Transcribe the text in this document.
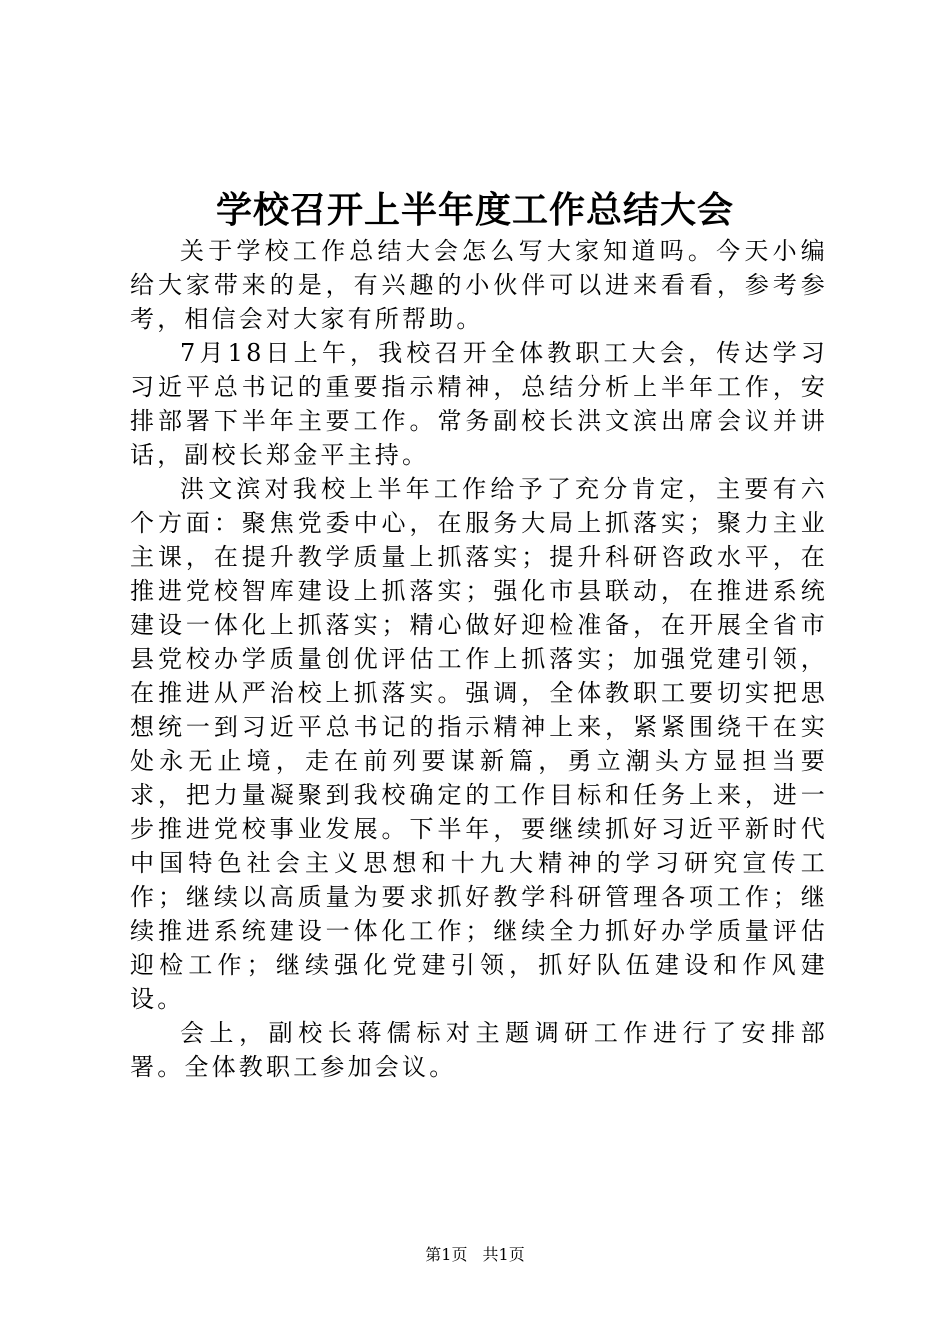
学校召开上半年度工作总结大会

关于学校工作总结大会怎么写大家知道吗。今天小编给大家带来的是，有兴趣的小伙伴可以进来看看，参考参考，相信会对大家有所帮助。

7月18日上午，我校召开全体教职工大会，传达学习习近平总书记的重要指示精神，总结分析上半年工作，安排部署下半年主要工作。常务副校长洪文滨出席会议并讲话，副校长郑金平主持。

洪文滨对我校上半年工作给予了充分肯定，主要有六个方面：聚焦党委中心，在服务大局上抓落实；聚力主业主课，在提升教学质量上抓落实；提升科研咨政水平，在推进党校智库建设上抓落实；强化市县联动，在推进系统建设一体化上抓落实；精心做好迎检准备，在开展全省市县党校办学质量创优评估工作上抓落实；加强党建引领，在推进从严治校上抓落实。强调，全体教职工要切实把思想统一到习近平总书记的指示精神上来，紧紧围绕干在实处永无止境，走在前列要谋新篇，勇立潮头方显担当要求，把力量凝聚到我校确定的工作目标和任务上来，进一步推进党校事业发展。下半年，要继续抓好习近平新时代中国特色社会主义思想和十九大精神的学习研究宣传工作；继续以高质量为要求抓好教学科研管理各项工作；继续推进系统建设一体化工作；继续全力抓好办学质量评估迎检工作；继续强化党建引领，抓好队伍建设和作风建设。

会上，副校长蒋儒标对主题调研工作进行了安排部署。全体教职工参加会议。

第1页 共1页
